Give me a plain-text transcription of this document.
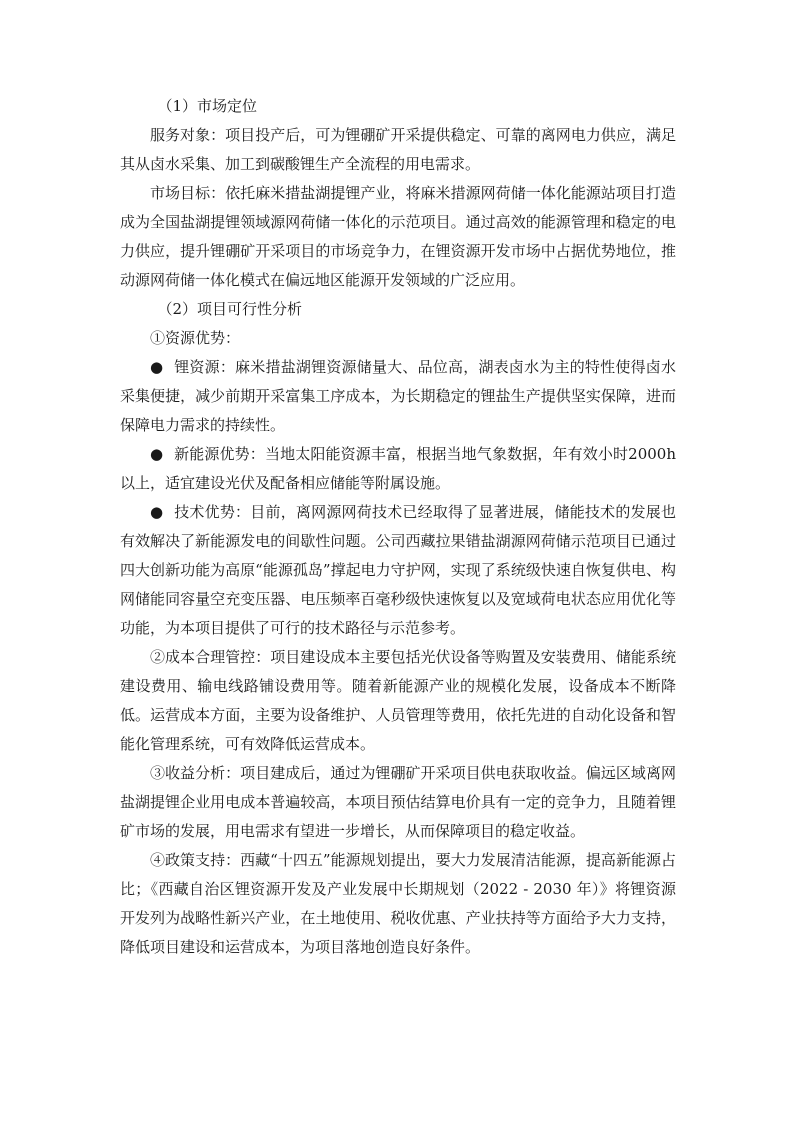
（1）市场定位

服务对象：项目投产后，可为锂硼矿开采提供稳定、可靠的离网电力供应，满足其从卤水采集、加工到碳酸锂生产全流程的用电需求。

市场目标：依托麻米措盐湖提锂产业，将麻米措源网荷储一体化能源站项目打造成为全国盐湖提锂领域源网荷储一体化的示范项目。通过高效的能源管理和稳定的电力供应，提升锂硼矿开采项目的市场竞争力，在锂资源开发市场中占据优势地位，推动源网荷储一体化模式在偏远地区能源开发领域的广泛应用。

（2）项目可行性分析

①资源优势：

● 锂资源：麻米措盐湖锂资源储量大、品位高，湖表卤水为主的特性使得卤水采集便捷，减少前期开采富集工序成本，为长期稳定的锂盐生产提供坚实保障，进而保障电力需求的持续性。

● 新能源优势：当地太阳能资源丰富，根据当地气象数据，年有效小时2000h以上，适宜建设光伏及配备相应储能等附属设施。

● 技术优势：目前，离网源网荷技术已经取得了显著进展，储能技术的发展也有效解决了新能源发电的间歇性问题。公司西藏拉果错盐湖源网荷储示范项目已通过四大创新功能为高原“能源孤岛”撑起电力守护网，实现了系统级快速自恢复供电、构网储能同容量空充变压器、电压频率百毫秒级快速恢复以及宽域荷电状态应用优化等功能，为本项目提供了可行的技术路径与示范参考。

②成本合理管控：项目建设成本主要包括光伏设备等购置及安装费用、储能系统建设费用、输电线路铺设费用等。随着新能源产业的规模化发展，设备成本不断降低。运营成本方面，主要为设备维护、人员管理等费用，依托先进的自动化设备和智能化管理系统，可有效降低运营成本。

③收益分析：项目建成后，通过为锂硼矿开采项目供电获取收益。偏远区域离网盐湖提锂企业用电成本普遍较高，本项目预估结算电价具有一定的竞争力，且随着锂矿市场的发展，用电需求有望进一步增长，从而保障项目的稳定收益。

④政策支持：西藏“十四五”能源规划提出，要大力发展清洁能源，提高新能源占比；《西藏自治区锂资源开发及产业发展中长期规划（2022 - 2030 年）》将锂资源开发列为战略性新兴产业，在土地使用、税收优惠、产业扶持等方面给予大力支持，降低项目建设和运营成本，为项目落地创造良好条件。
